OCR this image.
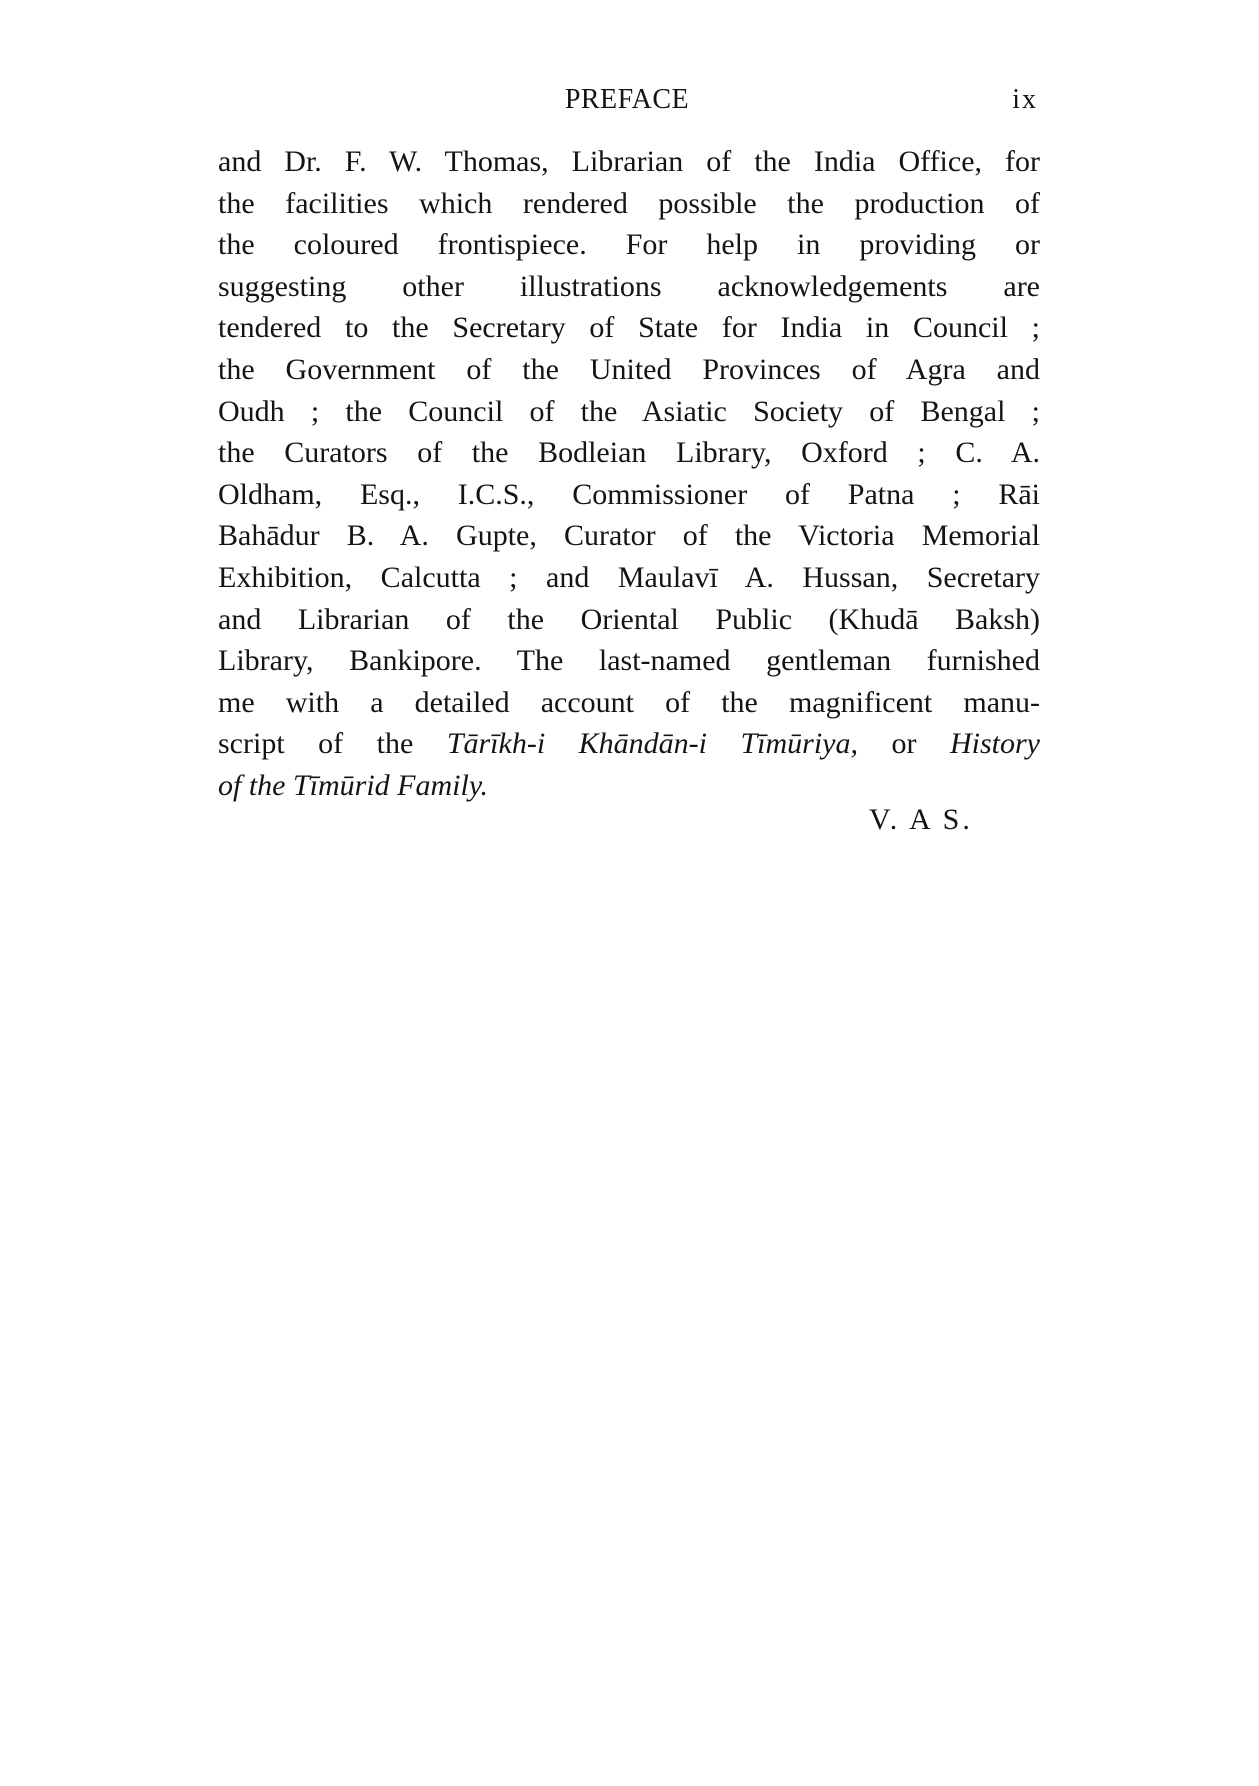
PREFACE	ix
and Dr. F. W. Thomas, Librarian of the India Office, for
the facilities which rendered possible the production of
the coloured frontispiece. For help in providing or
suggesting other illustrations acknowledgements are
tendered to the Secretary of State for India in Council ;
the Government of the United Provinces of Agra and
Oudh ; the Council of the Asiatic Society of Bengal ;
the Curators of the Bodleian Library, Oxford ; C. A.
Oldham, Esq., I.C.S., Commissioner of Patna ; Rāi
Bahādur B. A. Gupte, Curator of the Victoria Memorial
Exhibition, Calcutta ; and Maulavī A. Hussan, Secretary
and Librarian of the Oriental Public (Khudā Baksh)
Library, Bankipore. The last-named gentleman furnished
me with a detailed account of the magnificent manu-
script of the Tārīkh-i Khāndān-i Tīmūriya, or History
of the Tīmūrid Family.
V. A S.
